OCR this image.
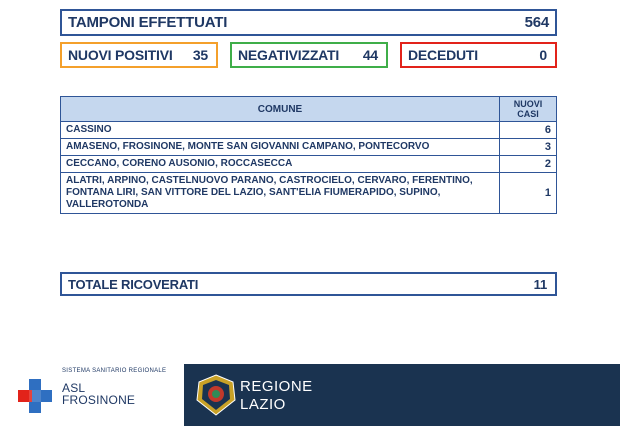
TAMPONI EFFETTUATI	564
NUOVI POSITIVI 35 NEGATIVIZZATI 44 DECEDUTI	0
COMUNE	NUOVI CASI
CASSINO	6
AMASENO, FROSINONE, MONTE SAN GIOVANNI CAMPANO, PONTECORVO	3
CECCANO, CORENO AUSONIO, ROCCASECCA	2
ALATRI, ARPINO, CASTELNUOVO PARANO, CASTROCIELO, CERVARO, FERENTINO, FONTANA LIRI, SAN VITTORE DEL LAZIO, SANT'ELIA FIUMERAPIDO, SUPINO, VALLEROTONDA	1
TOTALE RICOVERATI	11
SISTEMA SANITARIO REGIONALE
ASL
FROSINONE
REGIONE
LAZIO
